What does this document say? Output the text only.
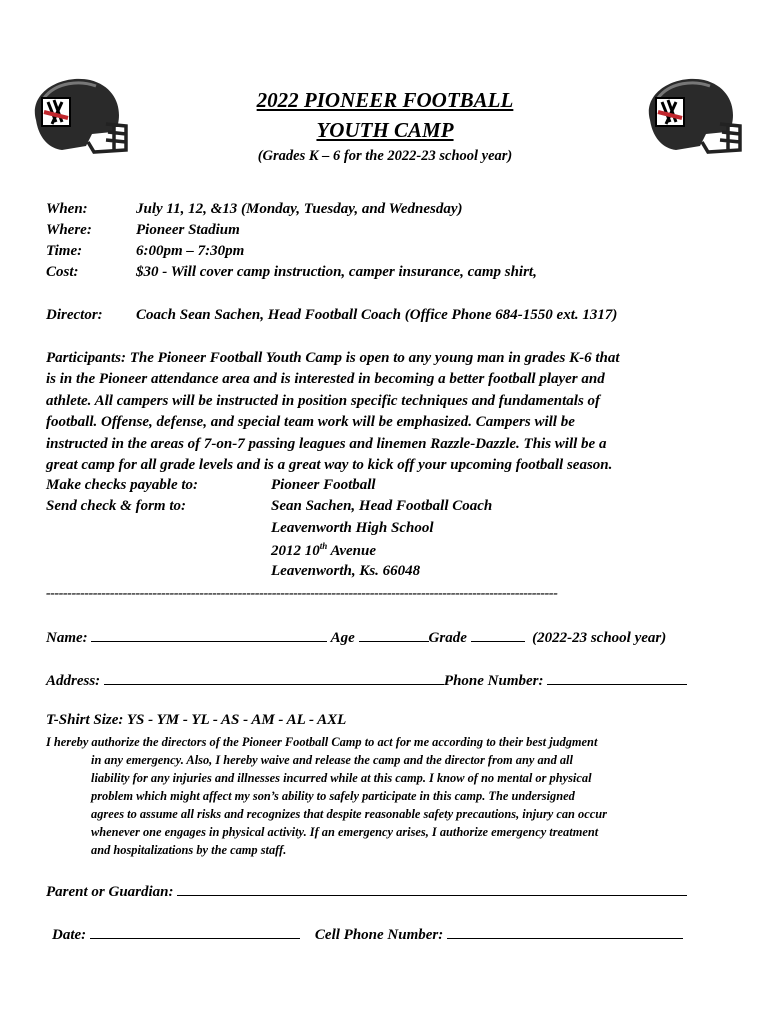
2022 PIONEER FOOTBALL
YOUTH CAMP
(Grades K – 6 for the 2022-23 school year)
When:	July 11, 12, &13 (Monday, Tuesday, and Wednesday)
Where:	Pioneer Stadium
Time:	6:00pm – 7:30pm
Cost:	$30 - Will cover camp instruction, camper insurance, camp shirt,
Director: Coach Sean Sachen, Head Football Coach (Office Phone 684-1550 ext. 1317)
Participants: The Pioneer Football Youth Camp is open to any young man in grades K-6 that
is in the Pioneer attendance area and is interested in becoming a better football player and
athlete. All campers will be instructed in position specific techniques and fundamentals of
football. Offense, defense, and special team work will be emphasized. Campers will be
instructed in the areas of 7-on-7 passing leagues and linemen Razzle-Dazzle. This will be a
great camp for all grade levels and is a great way to kick off your upcoming football season.
Make checks payable to:	Pioneer Football
Send check & form to:	Sean Sachen, Head Football Coach
Leavenworth High School
2012 10th Avenue
Leavenworth, Ks. 66048
------------------------------------------------------------------------------------------------------------------------
Name:	Age	Grade	(2022-23 school year)
Address:	Phone Number:
T-Shirt Size: YS - YM - YL - AS - AM - AL - AXL
I hereby authorize the directors of the Pioneer Football Camp to act for me according to their best judgment
in any emergency. Also, I hereby waive and release the camp and the director from any and all
liability for any injuries and illnesses incurred while at this camp. I know of no mental or physical
problem which might affect my son’s ability to safely participate in this camp. The undersigned
agrees to assume all risks and recognizes that despite reasonable safety precautions, injury can occur
whenever one engages in physical activity. If an emergency arises, I authorize emergency treatment
and hospitalizations by the camp staff.
Parent or Guardian:
Date:	Cell Phone Number:
